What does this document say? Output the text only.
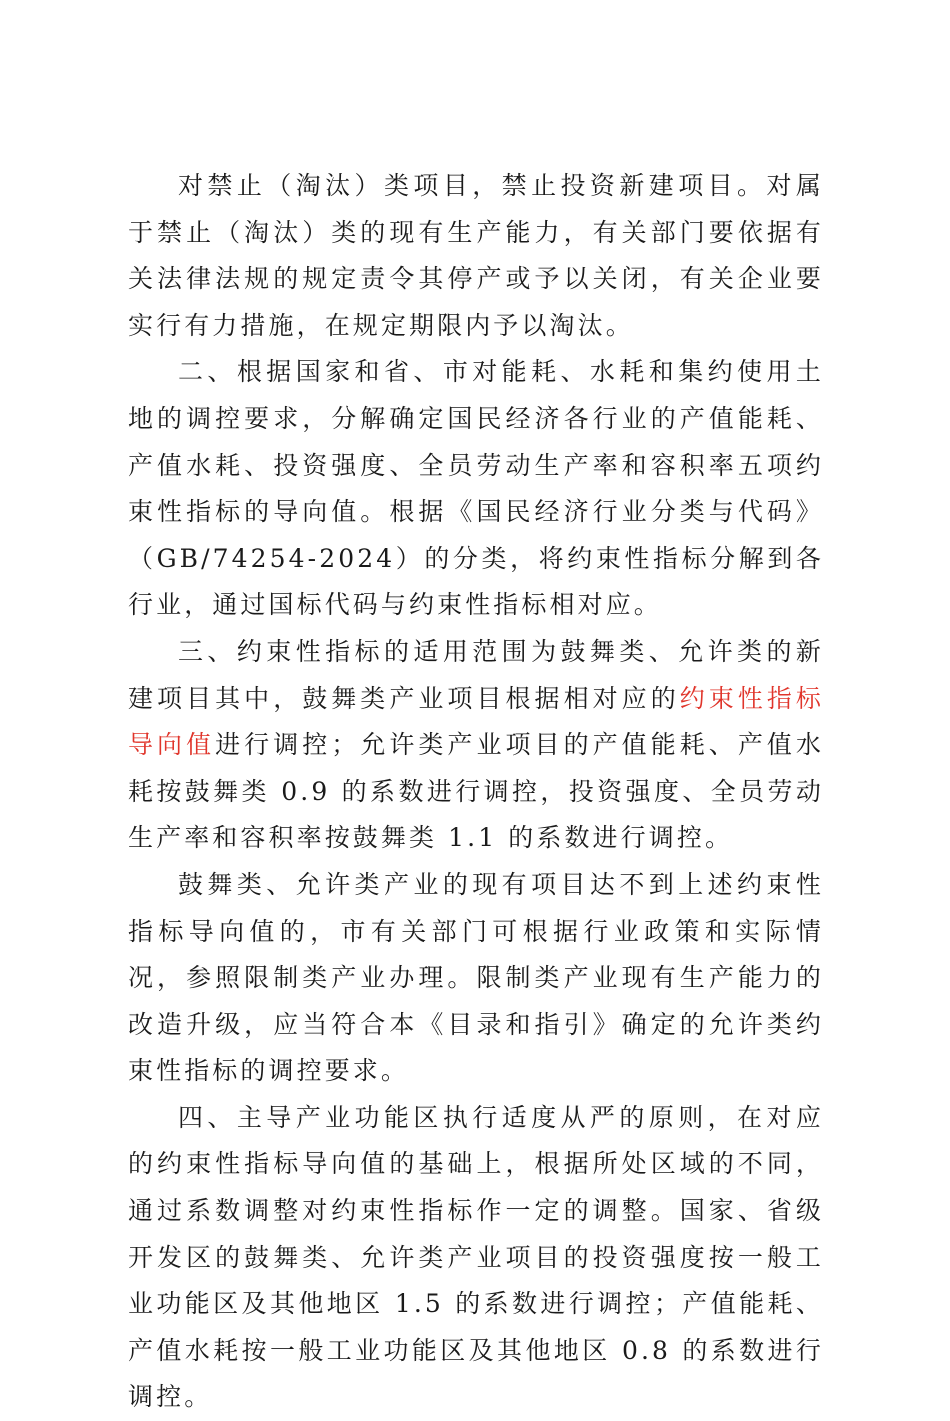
对禁止（淘汰）类项目，禁止投资新建项目。对属于禁止（淘汰）类的现有生产能力，有关部门要依据有关法律法规的规定责令其停产或予以关闭，有关企业要实行有力措施，在规定期限内予以淘汰。

二、根据国家和省、市对能耗、水耗和集约使用土地的调控要求，分解确定国民经济各行业的产值能耗、产值水耗、投资强度、全员劳动生产率和容积率五项约束性指标的导向值。根据《国民经济行业分类与代码》（GB/74254-2024）的分类，将约束性指标分解到各行业，通过国标代码与约束性指标相对应。

三、约束性指标的适用范围为鼓舞类、允许类的新建项目其中，鼓舞类产业项目根据相对应的约束性指标导向值进行调控；允许类产业项目的产值能耗、产值水耗按鼓舞类 0.9 的系数进行调控，投资强度、全员劳动生产率和容积率按鼓舞类 1.1 的系数进行调控。

鼓舞类、允许类产业的现有项目达不到上述约束性指标导向值的，市有关部门可根据行业政策和实际情况，参照限制类产业办理。限制类产业现有生产能力的改造升级，应当符合本《目录和指引》确定的允许类约束性指标的调控要求。

四、主导产业功能区执行适度从严的原则，在对应的约束性指标导向值的基础上，根据所处区域的不同，通过系数调整对约束性指标作一定的调整。国家、省级开发区的鼓舞类、允许类产业项目的投资强度按一般工业功能区及其他地区 1.5 的系数进行调控；产值能耗、产值水耗按一般工业功能区及其他地区 0.8 的系数进行调控。
